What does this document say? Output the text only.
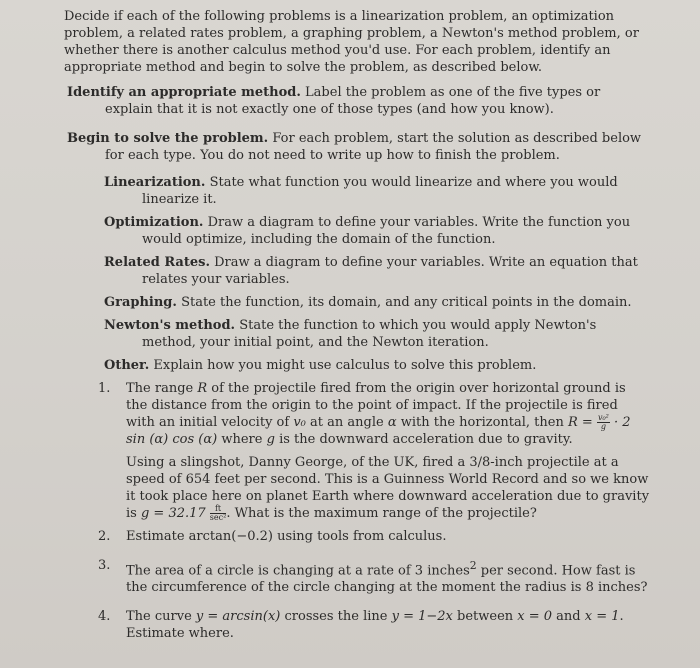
Decide if each of the following problems is a linearization problem, an optimization problem, a related rates problem, a graphing problem, a Newton's method problem, or whether there is another calculus method you'd use. For each problem, identify an appropriate method and begin to solve the problem, as described below.

Identify an appropriate method. Label the problem as one of the five types or explain that it is not exactly one of those types (and how you know).

Begin to solve the problem. For each problem, start the solution as described below for each type. You do not need to write up how to finish the problem.

Linearization. State what function you would linearize and where you would linearize it.

Optimization. Draw a diagram to define your variables. Write the function you would optimize, including the domain of the function.

Related Rates. Draw a diagram to define your variables. Write an equation that relates your variables.

Graphing. State the function, its domain, and any critical points in the domain.

Newton's method. State the function to which you would apply Newton's method, your initial point, and the Newton iteration.

Other. Explain how you might use calculus to solve this problem.

1. The range R of the projectile fired from the origin over horizontal ground is the distance from the origin to the point of impact. If the projectile is fired with an initial velocity of v₀ at an angle α with the horizontal, then $R = \frac{\text{v₀²}}{g} \cdot 2$ sin (α) cos (α) where g is the downward acceleration due to gravity.

Using a slingshot, Danny George, of the UK, fired a 3/8-inch projectile at a speed of 654 feet per second. This is a Guinness World Record and so we know it took place here on planet Earth where downward acceleration due to gravity is $g = 32.17 \frac{ft}{\text{sec²}}$ . What is the maximum range of the projectile?

2. Estimate arctan(−0.2) using tools from calculus.

3. The area of a circle is changing at a rate of 3 inches$^2$ per second. How fast is the circumference of the circle changing at the moment the radius is 8 inches?

4. The curve y = arcsin(x) crosses the line y = 1−2x between x = 0 and x = 1. Estimate where.
